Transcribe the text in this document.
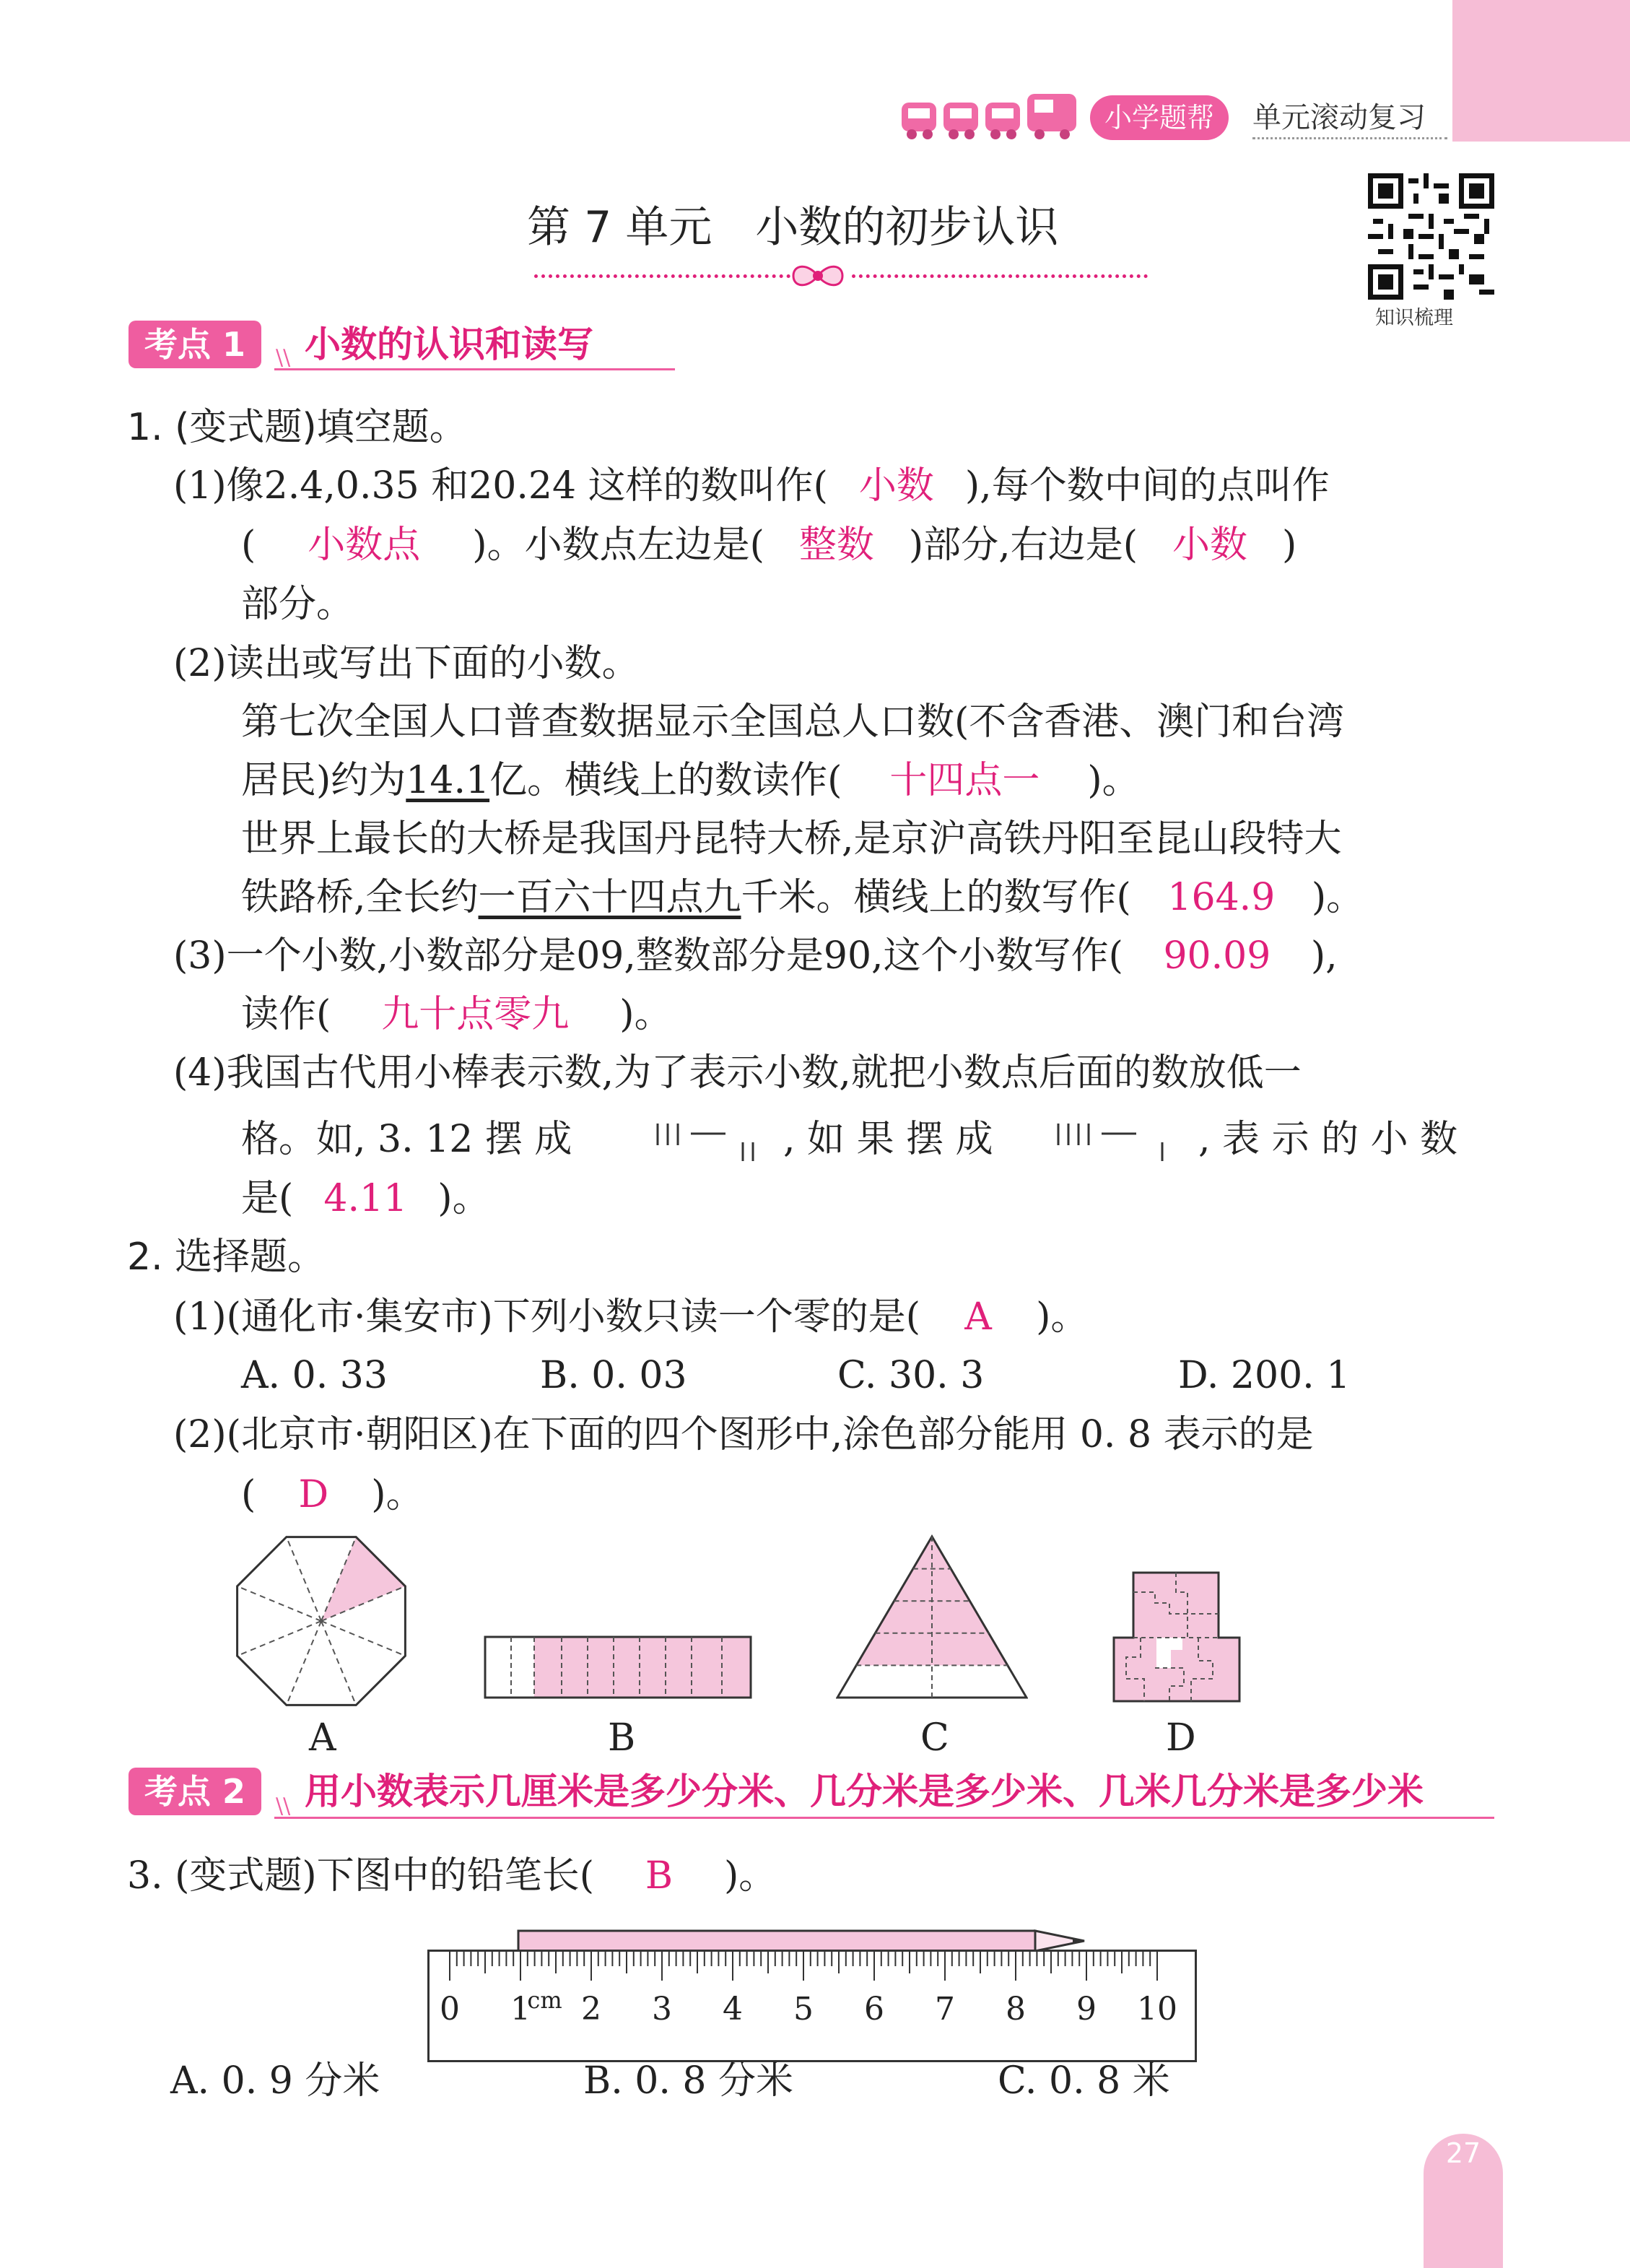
27
小学题帮	单元滚动复习
第 7 单元　小数的初步认识
知识梳理
考点 1	小数的认识和读写
\\
1. (变式题)填空题。
(1)像2.4,0.35 和20.24 这样的数叫作( 小数 ),每个数中间的点叫作
( 小数点 )。小数点左边是( 整数 )部分,右边是( 小数 )
部分。
(2)读出或写出下面的小数。
第七次全国人口普查数据显示全国总人口数(不含香港、澳门和台湾
居民)约为14.1亿。横线上的数读作( 十四点一 )。
世界上最长的大桥是我国丹昆特大桥,是京沪高铁丹阳至昆山段特大
铁路桥,全长约一百六十四点九千米。横线上的数写作( 164.9 )。
(3)一个小数,小数部分是09,整数部分是90,这个小数写作( 90.09 ),
读作( 九十点零九 )。
(4)我国古代用小棒表示数,为了表示小数,就把小数点后面的数放低一
格。如, 3. 12 摆 成	, 如 果 摆 成	, 表 示 的 小 数
是( 4.11 )。
2. 选择题。
(1)(通化市·集安市)下列小数只读一个零的是( A )。
A. 0. 33	B. 0. 03	C. 30. 3	D. 200. 1
(2)(北京市·朝阳区)在下面的四个图形中,涂色部分能用 0. 8 表示的是
( D )。
A	B	C	D
考点 2	用小数表示几厘米是多少分米、几分米是多少米、几米几分米是多少米
\\
3. (变式题)下图中的铅笔长( B )。
0	1	2	3	4	5	6	7	8	9	10
cm
A. 0. 9 分米	B. 0. 8 分米	C. 0. 8 米
